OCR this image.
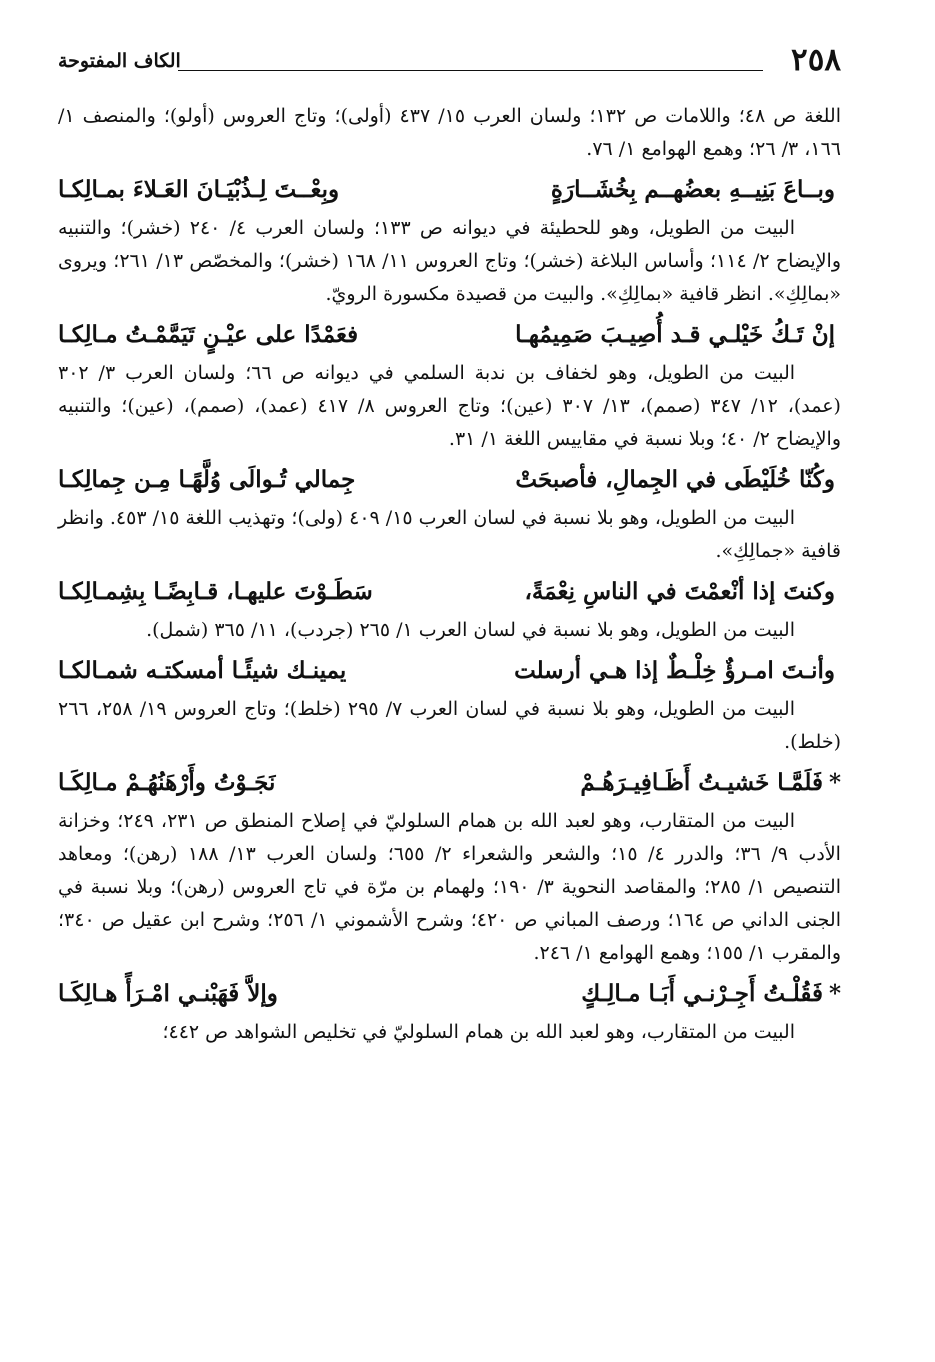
٢٥٨
الكاف المفتوحة

اللغة ص ٤٨؛ واللامات ص ١٣٢؛ ولسان العرب ١٥/ ٤٣٧ (أولى)؛ وتاج العروس (أولو)؛ والمنصف ١/ ١٦٦، ٣/ ٢٦؛ وهمع الهوامع ١/ ٧٦.

وبــاعَ بَنِيــهِ بعضُهــم بِخُشَــارَةٍ
وبِعْــتَ لِـذُبْيَـانَ العَـلاءَ بمـالِكـا

البيت من الطويل، وهو للحطيئة في ديوانه ص ١٣٣؛ ولسان العرب ٤/ ٢٤٠ (خشر)؛ والتنبيه والإيضاح ٢/ ١١٤؛ وأساس البلاغة (خشر)؛ وتاج العروس ١١/ ١٦٨ (خشر)؛ والمخصّص ١٣/ ٢٦١؛ ويروى «بمالِكِ». انظر قافية «بمالِكِ». والبيت من قصيدة مكسورة الرويّ.

إنْ تَـكُ خَيْلـي قـد أُصِيـبَ صَمِيمُهـا
فعَمْدًا على عيْـنٍ تَيَمَّمْـتُ مـالِكـا

البيت من الطويل، وهو لخفاف بن ندبة السلمي في ديوانه ص ٦٦؛ ولسان العرب ٣/ ٣٠٢ (عمد)، ١٢/ ٣٤٧ (صمم)، ١٣/ ٣٠٧ (عين)؛ وتاج العروس ٨/ ٤١٧ (عمد)، (صمم)، (عين)؛ والتنبيه والإيضاح ٢/ ٤٠؛ وبلا نسبة في مقاييس اللغة ١/ ٣١.

وكُنّا خُلَيْطَى في الجِمالِ، فأصبحَتْ
جِمالي تُـوالَى وُلَّهًـا مِـن جِمالِكـا

البيت من الطويل، وهو بلا نسبة في لسان العرب ١٥/ ٤٠٩ (ولى)؛ وتهذيب اللغة ١٥/ ٤٥٣. وانظر قافية «جمالِكِ».

وكنتَ إذا أنْعمْتَ في الناسِ نِعْمَةً،
سَطَـوْتَ عليهـا، قـابِضًـا بِشِمـالِكـا

البيت من الطويل، وهو بلا نسبة في لسان العرب ١/ ٢٦٥ (جردب)، ١١/ ٣٦٥ (شمل).

وأنـتَ امـرؤٌ خِلْـطٌ إذا هـي أرسلت
يمينـك شيئًـا أمسكتـه شمـالكـا

البيت من الطويل، وهو بلا نسبة في لسان العرب ٧/ ٢٩٥ (خلط)؛ وتاج العروس ١٩/ ٢٥٨، ٢٦٦ (خلط).

*فَلَمَّـا خَشيـتُ أَظَـافِيـرَهُـمْ
نَجَـوْتُ وأَرْهَنُهُـمْ مـالِكَـا

البيت من المتقارب، وهو لعبد الله بن همام السلوليّ في إصلاح المنطق ص ٢٣١، ٢٤٩؛ وخزانة الأدب ٩/ ٣٦؛ والدرر ٤/ ١٥؛ والشعر والشعراء ٢/ ٦٥٥؛ ولسان العرب ١٣/ ١٨٨ (رهن)؛ ومعاهد التنصيص ١/ ٢٨٥؛ والمقاصد النحوية ٣/ ١٩٠؛ ولهمام بن مرّة في تاج العروس (رهن)؛ وبلا نسبة في الجنى الداني ص ١٦٤؛ ورصف المباني ص ٤٢٠؛ وشرح الأشموني ١/ ٢٥٦؛ وشرح ابن عقيل ص ٣٤٠؛ والمقرب ١/ ١٥٥؛ وهمع الهوامع ١/ ٢٤٦.

*فَقُلْـتُ أَجِـرْنـي أَبَـا مـالِـكٍ
وإلاَّ فَهَبْنـي امْـرَأً هـالِكَـا

البيت من المتقارب، وهو لعبد الله بن همام السلوليّ في تخليص الشواهد ص ٤٤٢؛
